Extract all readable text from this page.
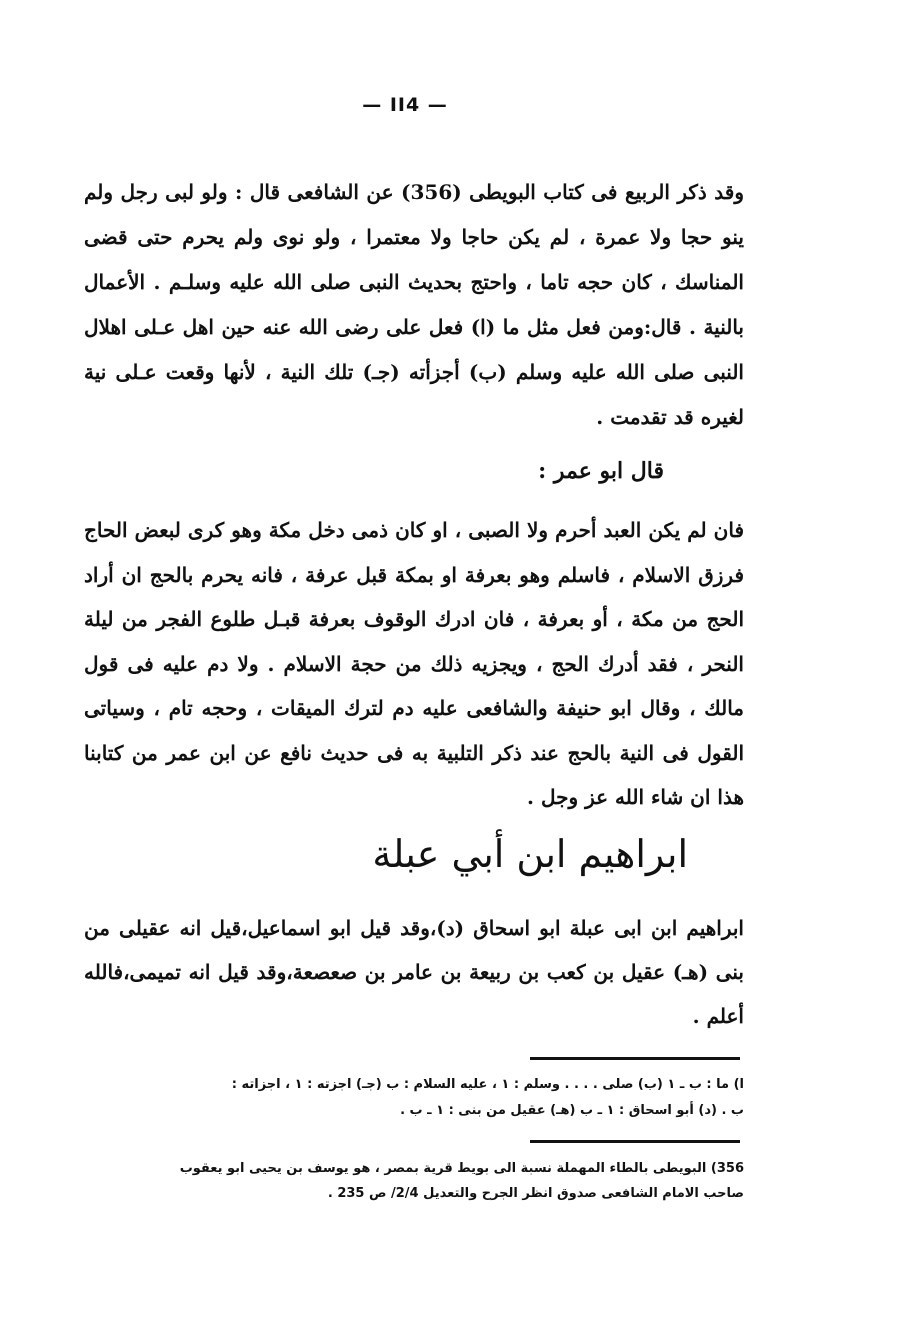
— II4 —

وقد ذكر الربيع فى كتاب البويطى (356) عن الشافعى قال : ولو لبى رجل ولم ينو حجا ولا عمرة ، لم يكن حاجا ولا معتمرا ، ولو نوى ولم يحرم حتى قضى المناسك ، كان حجه تاما ، واحتج بحديث النبى صلى الله عليه وسلـم . الأعمال بالنية . قال:ومن فعل مثل ما (ا) فعل على رضى الله عنه حين اهل عـلى اهلال النبى صلى الله عليه وسلم (ب) أجزأته (جـ) تلك النية ، لأنها وقعت عـلى نية لغيره قد تقدمت .

قال ابو عمر :

فان لم يكن العبد أحرم ولا الصبى ، او كان ذمى دخل مكة وهو كرى لبعض الحاج فرزق الاسلام ، فاسلم وهو بعرفة او بمكة قبل عرفة ، فانه يحرم بالحج ان أراد الحج من مكة ، أو بعرفة ، فان ادرك الوقوف بعرفة قبـل طلوع الفجر من ليلة النحر ، فقد أدرك الحج ، ويجزيه ذلك من حجة الاسلام . ولا دم عليه فى قول مالك ، وقال ابو حنيفة والشافعى عليه دم لترك الميقات ، وحجه تام ، وسياتى القول فى النية بالحج عند ذكر التلبية به فى حديث نافع عن ابن عمر من كتابنا هذا ان شاء الله عز وجل .

ابراهيم ابن أبي عبلة

ابراهيم ابن ابى عبلة ابو اسحاق (د)،وقد قيل ابو اسماعيل،قيل انه عقيلى من بنى (هـ) عقيل بن كعب بن ربيعة بن عامر بن صعصعة،وقد قيل انه تميمى،فالله أعلم .

ا) ما : ب ـ ١ (ب) صلى . . . . وسلم : ١ ، عليه السلام : ب (جـ) اجزته : ١ ، اجزاته :

ب . (د) أبو اسحاق : ١ ـ ب (هـ) عقيل من بنى : ١ ـ ب .

356) البويطى بالطاء المهملة نسبة الى بويط قرية بمصر ، هو يوسف بن يحيى ابو يعقوب

صاحب الامام الشافعى صدوق انظر الجرح والتعديل 2/4/ ص 235 .
